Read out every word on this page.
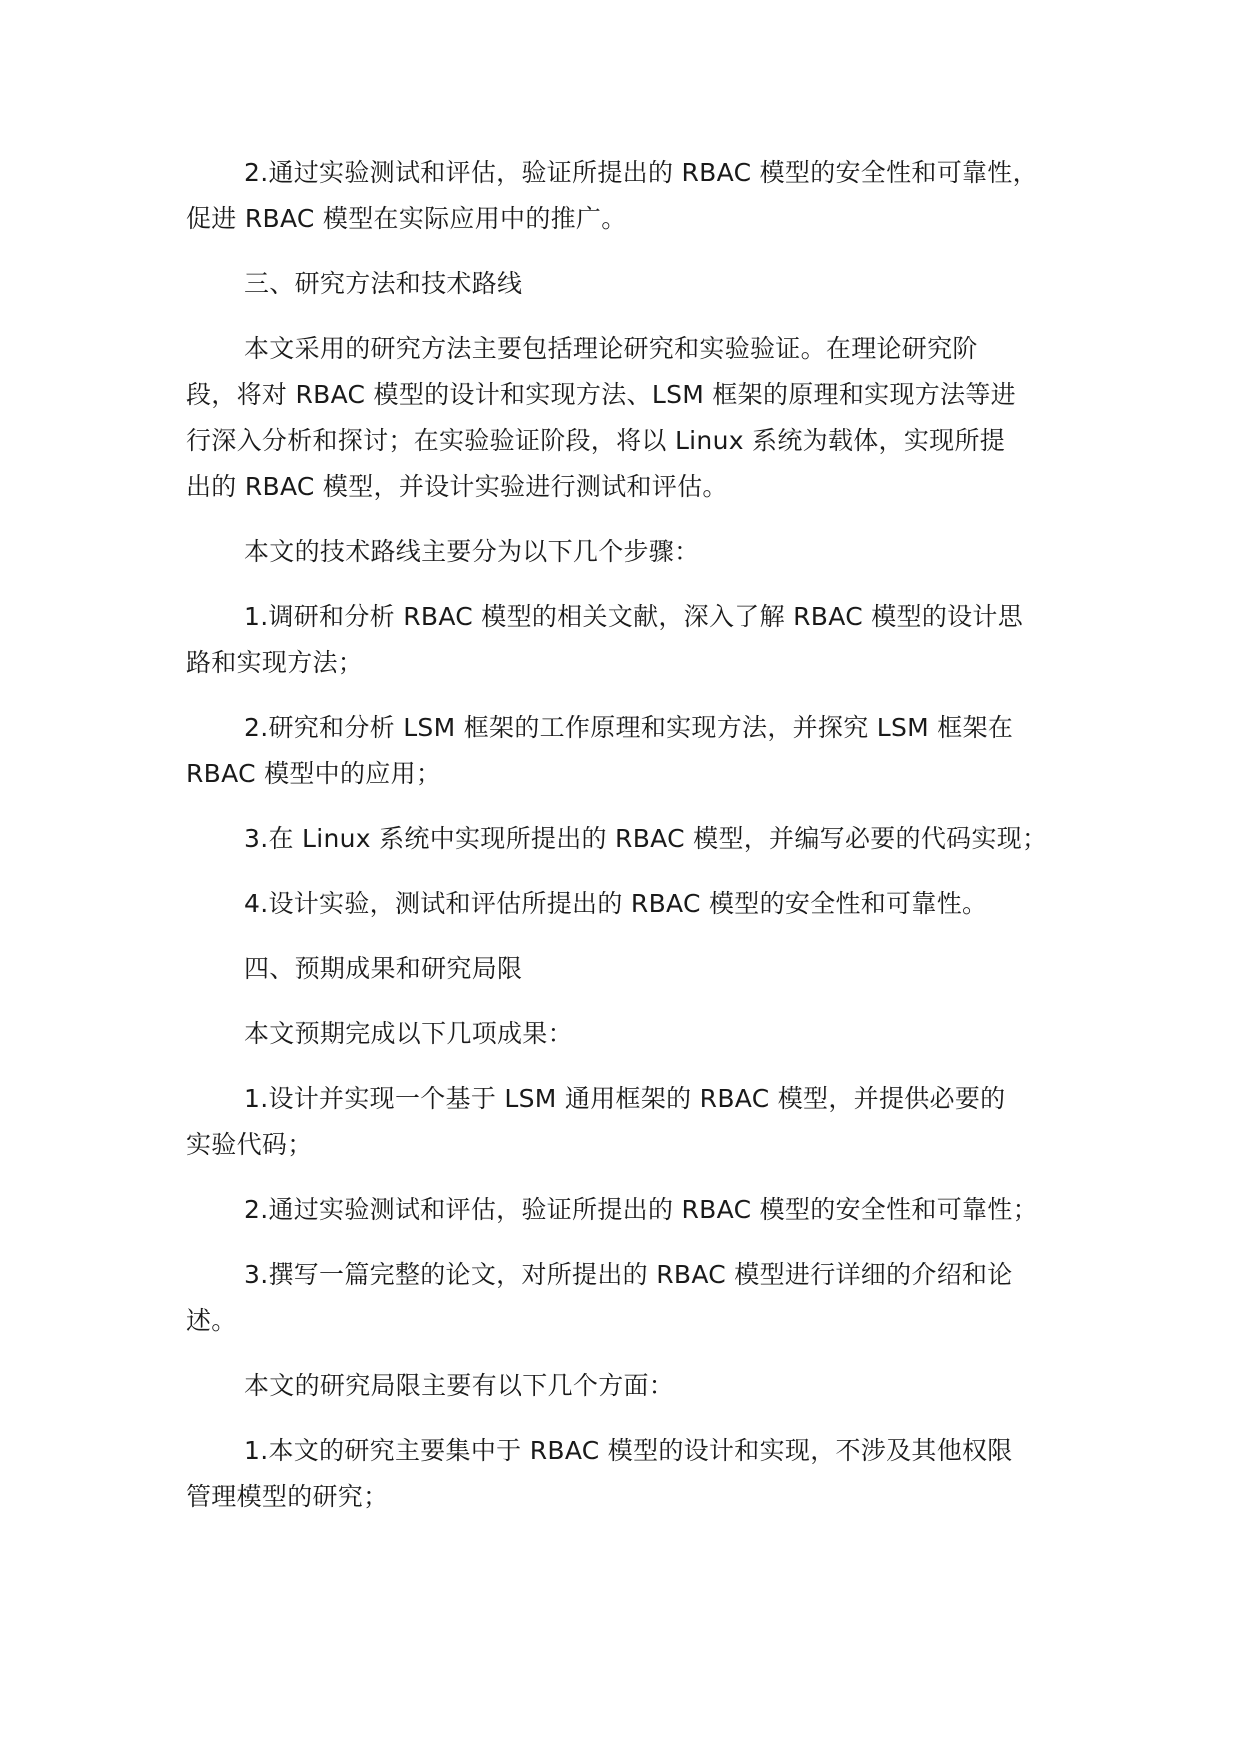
2.通过实验测试和评估，验证所提出的 RBAC 模型的安全性和可靠性，
促进 RBAC 模型在实际应用中的推广。

三、研究方法和技术路线

本文采用的研究方法主要包括理论研究和实验验证。在理论研究阶
段，将对 RBAC 模型的设计和实现方法、LSM 框架的原理和实现方法等进
行深入分析和探讨；在实验验证阶段，将以 Linux 系统为载体，实现所提
出的 RBAC 模型，并设计实验进行测试和评估。

本文的技术路线主要分为以下几个步骤：

1.调研和分析 RBAC 模型的相关文献，深入了解 RBAC 模型的设计思
路和实现方法；

2.研究和分析 LSM 框架的工作原理和实现方法，并探究 LSM 框架在
RBAC 模型中的应用；

3.在 Linux 系统中实现所提出的 RBAC 模型，并编写必要的代码实现；

4.设计实验，测试和评估所提出的 RBAC 模型的安全性和可靠性。

四、预期成果和研究局限

本文预期完成以下几项成果：

1.设计并实现一个基于 LSM 通用框架的 RBAC 模型，并提供必要的
实验代码；

2.通过实验测试和评估，验证所提出的 RBAC 模型的安全性和可靠性；

3.撰写一篇完整的论文，对所提出的 RBAC 模型进行详细的介绍和论
述。

本文的研究局限主要有以下几个方面：

1.本文的研究主要集中于 RBAC 模型的设计和实现，不涉及其他权限
管理模型的研究；
